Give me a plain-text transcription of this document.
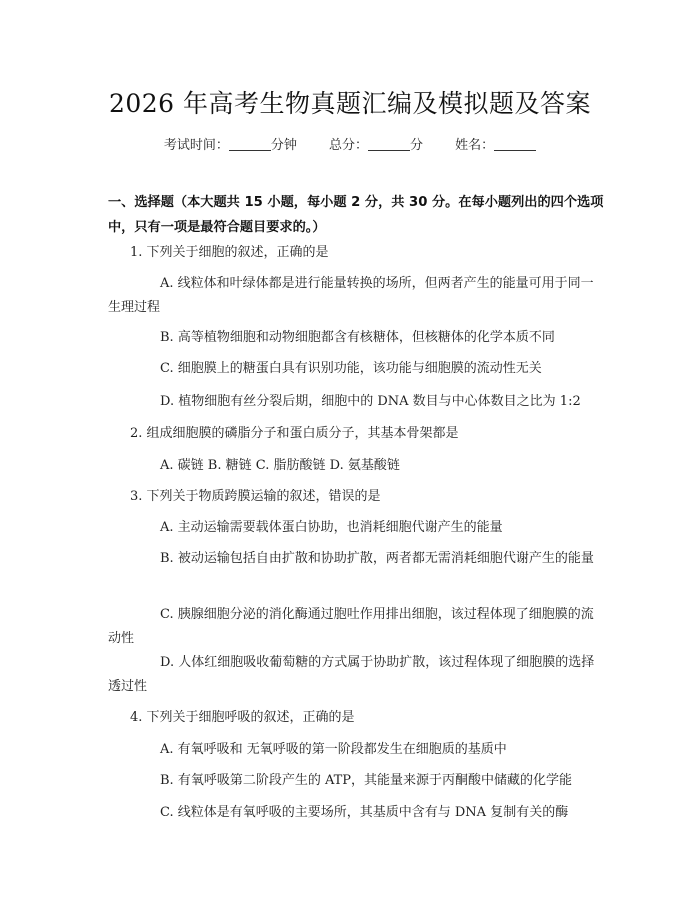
2026 年高考生物真题汇编及模拟题及答案
考试时间：	分钟 总分：	分 姓名：
一、选择题（本大题共 15 小题，每小题 2 分，共 30 分。在每小题列出的四个选项中，只有一项是最符合题目要求的。）
1. 下列关于细胞的叙述，正确的是
A. 线粒体和叶绿体都是进行能量转换的场所，但两者产生的能量可用于同一生理过程
B. 高等植物细胞和动物细胞都含有核糖体，但核糖体的化学本质不同
C. 细胞膜上的糖蛋白具有识别功能，该功能与细胞膜的流动性无关
D. 植物细胞有丝分裂后期，细胞中的 DNA 数目与中心体数目之比为 1:2
2. 组成细胞膜的磷脂分子和蛋白质分子，其基本骨架都是
A. 碳链 B. 糖链 C. 脂肪酸链 D. 氨基酸链
3. 下列关于物质跨膜运输的叙述，错误的是
A. 主动运输需要载体蛋白协助，也消耗细胞代谢产生的能量
B. 被动运输包括自由扩散和协助扩散，两者都无需消耗细胞代谢产生的能量
C. 胰腺细胞分泌的消化酶通过胞吐作用排出细胞，该过程体现了细胞膜的流动性
D. 人体红细胞吸收葡萄糖的方式属于协助扩散，该过程体现了细胞膜的选择透过性
4. 下列关于细胞呼吸的叙述，正确的是
A. 有氧呼吸和 无氧呼吸的第一阶段都发生在细胞质的基质中
B. 有氧呼吸第二阶段产生的 ATP，其能量来源于丙酮酸中储藏的化学能
C. 线粒体是有氧呼吸的主要场所，其基质中含有与 DNA 复制有关的酶
